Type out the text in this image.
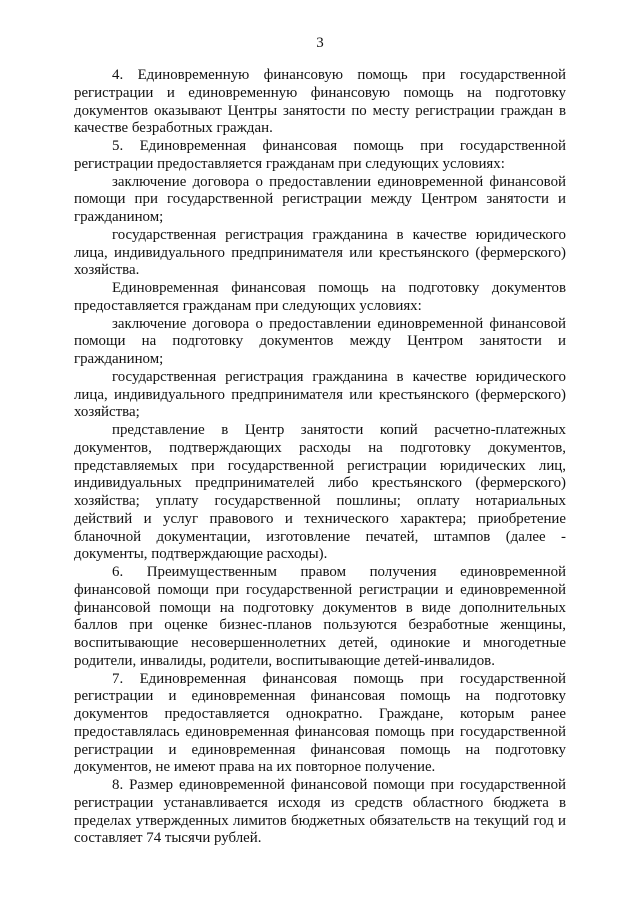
3

4. Единовременную финансовую помощь при государственной регистрации и единовременную финансовую помощь на подготовку документов оказывают Центры занятости по месту регистрации граждан в качестве безработных граждан.

5. Единовременная финансовая помощь при государственной регистрации предоставляется гражданам при следующих условиях:

заключение договора о предоставлении единовременной финансовой помощи при государственной регистрации между Центром занятости и гражданином;

государственная регистрация гражданина в качестве юридического лица, индивидуального предпринимателя или крестьянского (фермерского) хозяйства.

Единовременная финансовая помощь на подготовку документов предоставляется гражданам при следующих условиях:

заключение договора о предоставлении единовременной финансовой помощи на подготовку документов между Центром занятости и гражданином;

государственная регистрация гражданина в качестве юридического лица, индивидуального предпринимателя или крестьянского (фермерского) хозяйства;

представление в Центр занятости копий расчетно-платежных документов, подтверждающих расходы на подготовку документов, представляемых при государственной регистрации юридических лиц, индивидуальных предпринимателей либо крестьянского (фермерского) хозяйства; уплату государственной пошлины; оплату нотариальных действий и услуг правового и технического характера; приобретение бланочной документации, изготовление печатей, штампов (далее - документы, подтверждающие расходы).

6. Преимущественным правом получения единовременной финансовой помощи при государственной регистрации и единовременной финансовой помощи на подготовку документов в виде дополнительных баллов при оценке бизнес-планов пользуются безработные женщины, воспитывающие несовершеннолетних детей, одинокие и многодетные родители, инвалиды, родители, воспитывающие детей-инвалидов.

7. Единовременная финансовая помощь при государственной регистрации и единовременная финансовая помощь на подготовку документов предоставляется однократно. Граждане, которым ранее предоставлялась единовременная финансовая помощь при государственной регистрации и единовременная финансовая помощь на подготовку документов, не имеют права на их повторное получение.

8. Размер единовременной финансовой помощи при государственной регистрации устанавливается исходя из средств областного бюджета в пределах утвержденных лимитов бюджетных обязательств на текущий год и составляет 74 тысячи рублей.
